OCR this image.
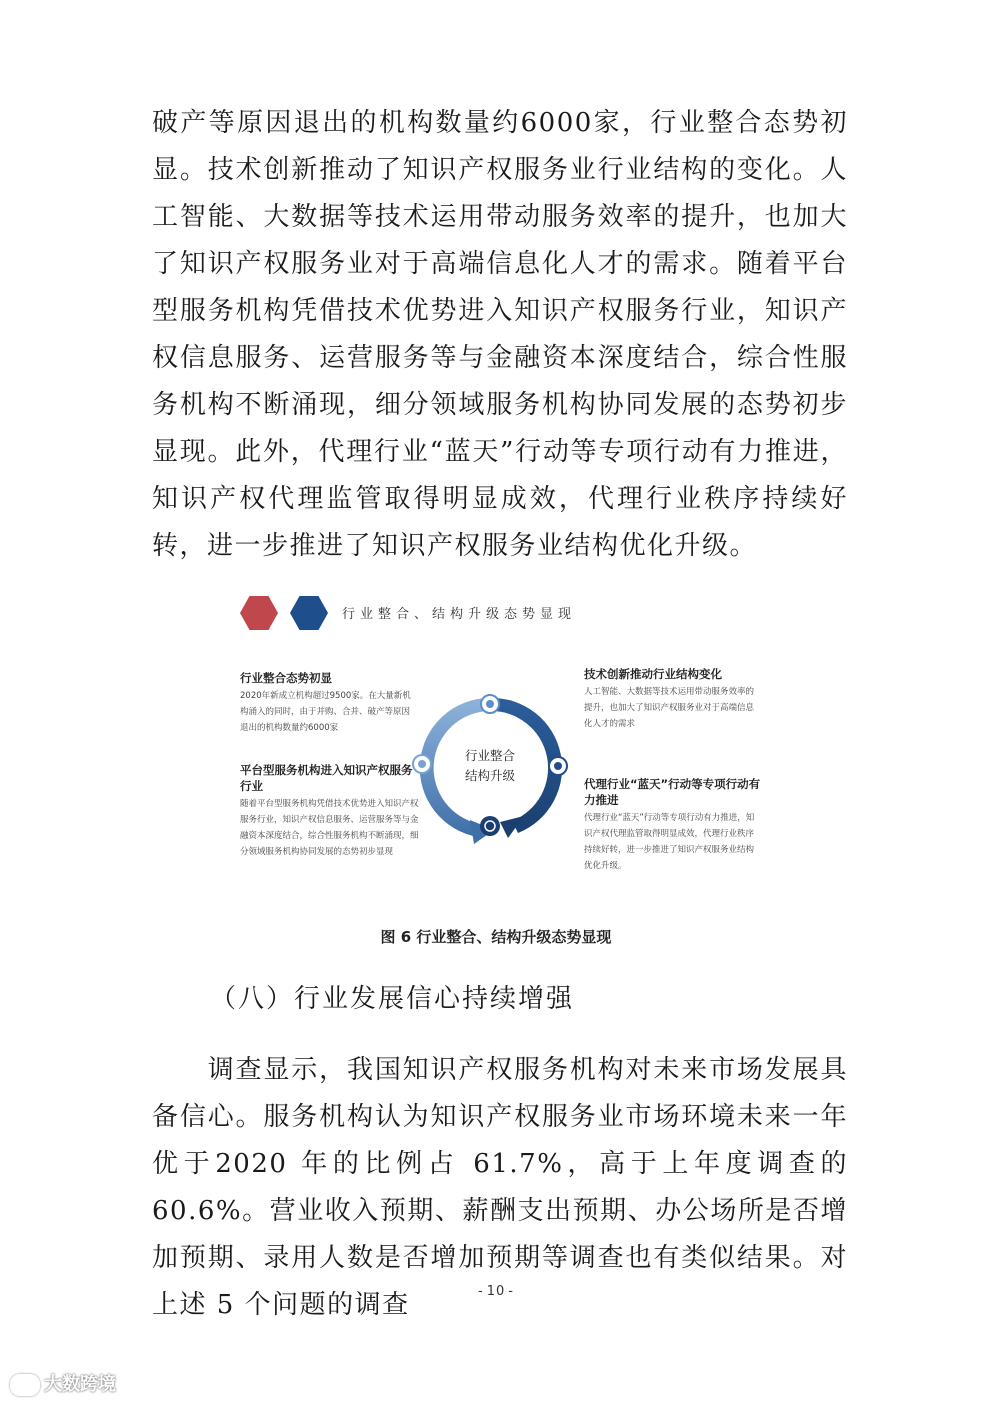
破产等原因退出的机构数量约6000家，行业整合态势初显。技术创新推动了知识产权服务业行业结构的变化。人工智能、大数据等技术运用带动服务效率的提升，也加大了知识产权服务业对于高端信息化人才的需求。随着平台型服务机构凭借技术优势进入知识产权服务行业，知识产权信息服务、运营服务等与金融资本深度结合，综合性服务机构不断涌现，细分领域服务机构协同发展的态势初步显现。此外，代理行业“蓝天”行动等专项行动有力推进，知识产权代理监管取得明显成效，代理行业秩序持续好转，进一步推进了知识产权服务业结构优化升级。

行业整合、结构升级态势显现

行业整合态势初显

2020年新成立机构超过9500家。在大量新机构涌入的同时，由于并购、合并、破产等原因退出的机构数量约6000家

平台型服务机构进入知识产权服务行业

随着平台型服务机构凭借技术优势进入知识产权服务行业，知识产权信息服务、运营服务等与金融资本深度结合，综合性服务机构不断涌现，细分领域服务机构协同发展的态势初步显现

技术创新推动行业结构变化

人工智能、大数据等技术运用带动服务效率的提升，也加大了知识产权服务业对于高端信息化人才的需求

代理行业“蓝天”行动等专项行动有力推进

代理行业“蓝天”行动等专项行动有力推进，知识产权代理监管取得明显成效，代理行业秩序持续好转，进一步推进了知识产权服务业结构优化升级。

行业整合
结构升级
图 6 行业整合、结构升级态势显现
（八）行业发展信心持续增强

　　调查显示，我国知识产权服务机构对未来市场发展具备信心。服务机构认为知识产权服务业市场环境未来一年优于2020 年的比例占 61.7%，高于上年度调查的 60.6%。营业收入预期、薪酬支出预期、办公场所是否增加预期、录用人数是否增加预期等调查也有类似结果。对上述 5 个问题的调查	- 10 -
大数跨境
